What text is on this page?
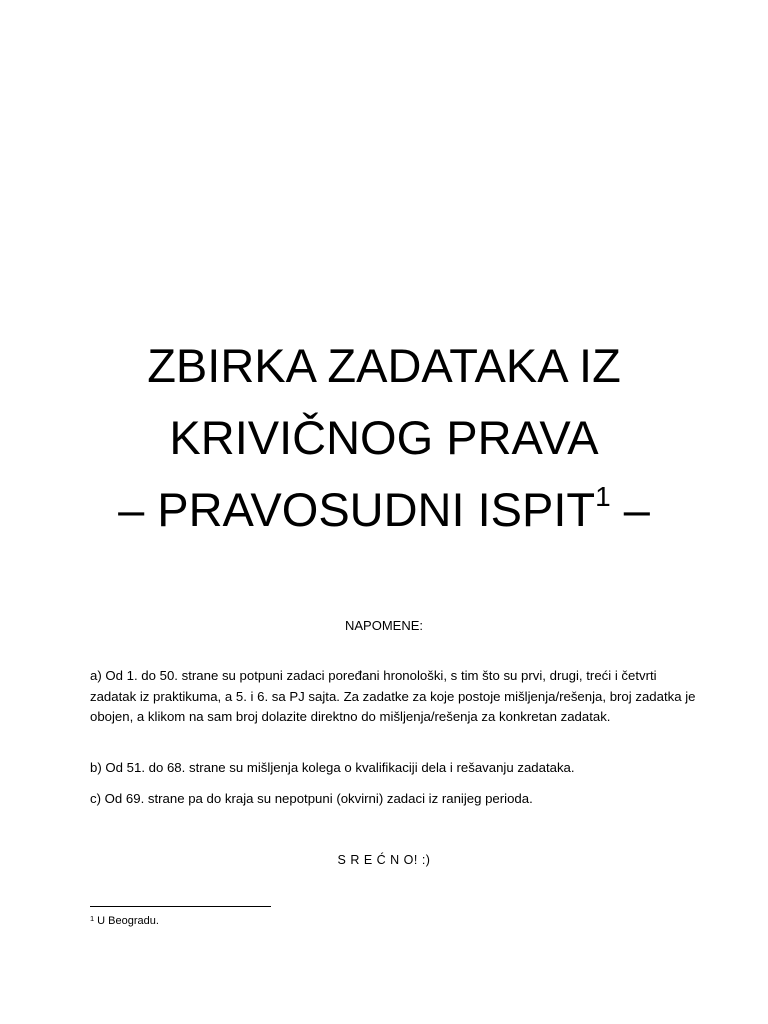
ZBIRKA ZADATAKA IZ
KRIVIČNOG PRAVA
– PRAVOSUDNI ISPIT$^1$ –
NAPOMENE:

a) Od 1. do 50. strane su potpuni zadaci poređani hronološki, s tim što su prvi, drugi, treći i četvrti zadatak iz praktikuma, a 5. i 6. sa PJ sajta. Za zadatke za koje postoje mišljenja/rešenja, broj zadatka je obojen, a klikom na sam broj dolazite direktno do mišljenja/rešenja za konkretan zadatak.

b) Od 51. do 68. strane su mišljenja kolega o kvalifikaciji dela i rešavanju zadataka.

c) Od 69. strane pa do kraja su nepotpuni (okvirni) zadaci iz ranijeg perioda.

S R E Ć N O! :)
$^1$ U Beogradu.
